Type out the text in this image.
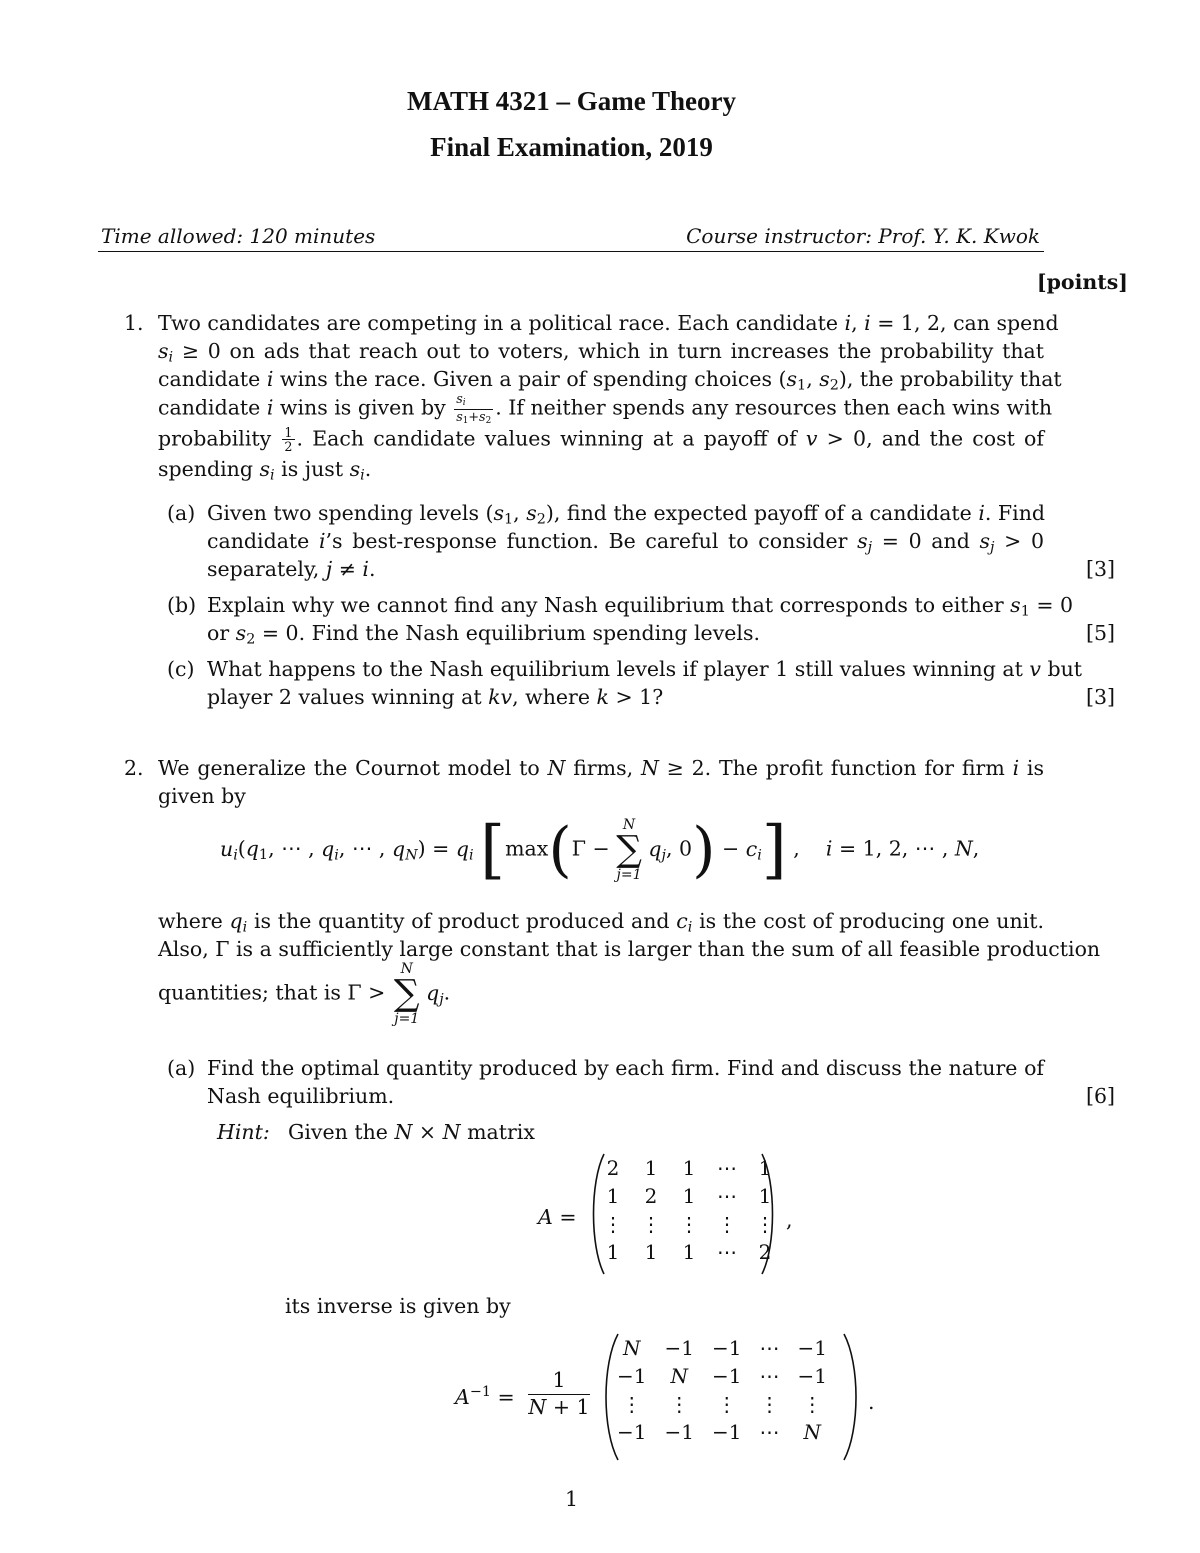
MATH 4321 – Game Theory
Final Examination, 2019
Time allowed: 120 minutes	Course instructor: Prof. Y. K. Kwok
[points]
1. Two candidates are competing in a political race. Each candidate i, i = 1, 2, can spend
$s_i \ge 0$ on ads that reach out to voters, which in turn increases the probability that
candidate i wins the race. Given a pair of spending choices ($s_1$, $s_2$), the probability that
candidate i wins is given by $\frac{s_i}{s_1+s_2}$ . If neither spends any resources then each wins with
probability $\frac{1}{2}$ . Each candidate values winning at a payoff of v > 0, and the cost of
spending $s_i$ is just $s_i$.
(a) Given two spending levels ($s_1$, $s_2$), find the expected payoff of a candidate i. Find
candidate i’s best-response function. Be careful to consider $s_j = 0$ and $s_j > 0$
separately, j ≠ i.	[3]
(b) Explain why we cannot find any Nash equilibrium that corresponds to either $s_1 = 0$
or $s_2 = 0$. Find the Nash equilibrium spending levels.	[5]
(c) What happens to the Nash equilibrium levels if player 1 still values winning at v but
player 2 values winning at kv, where k > 1?	[3]
2. We generalize the Cournot model to N firms, N ≥ 2. The profit function for firm i is
given by
$u_i(q_1$, ⋯ , $q_i$, ⋯ , $q_N) = q_i$ [max(Γ −
N
∑
j=1
$q_j$, $0) - c_i$] ,    i = 1, 2, ⋯ , N,
where $q_i$ is the quantity of product produced and $c_i$ is the cost of producing one unit.
Also, Γ is a sufficiently large constant that is larger than the sum of all feasible production
quantities; that is Γ >
N
∑
j=1
$q_j$.
(a) Find the optimal quantity produced by each firm. Find and discuss the nature of
Nash equilibrium.	[6]
Hint: Given the N × N matrix
A =
2	1	1	⋯	1
1	2	1	⋯	1
⋮	⋮	⋮	⋮	⋮
1	1	1	⋯	2
,
its inverse is given by
$A^{-1}$ =
1
N + 1
N	−1	−1	⋯	−1
−1	N	−1	⋯	−1
⋮	⋮	⋮	⋮	⋮
−1	−1	−1	⋯	N
.
1
